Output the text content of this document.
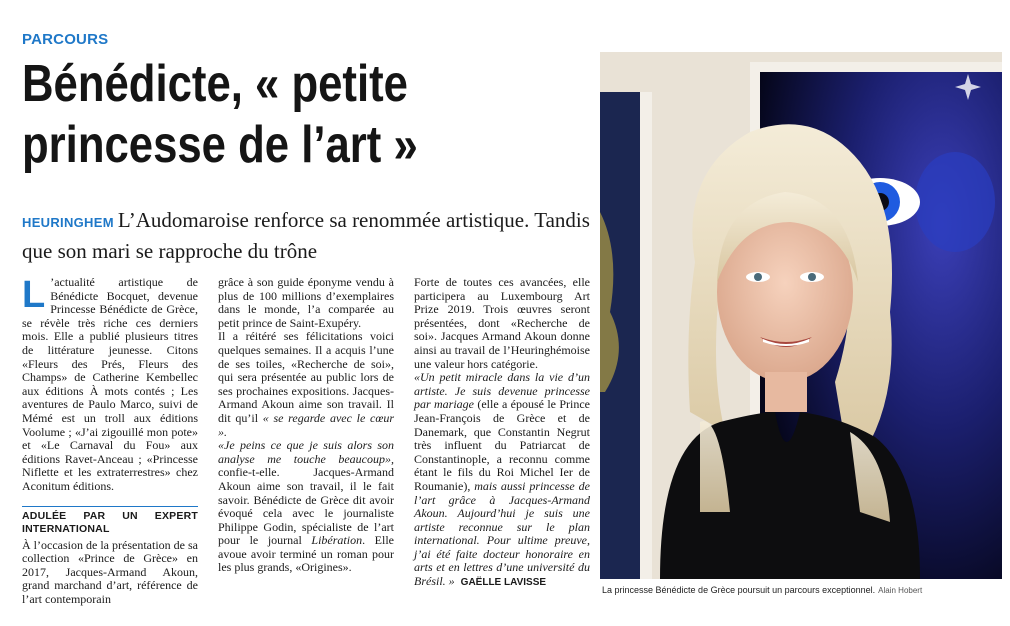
PARCOURS
Bénédicte, « petite
princesse de l’art »
HEURINGHEM L’Audomaroise renforce sa renommée artistique. Tandis que son mari se rapproche du trône

L ’actualité artistique de Bénédicte Bocquet, devenue Princesse Bénédicte de Grèce, se révèle très riche ces derniers mois. Elle a publié plusieurs titres de littérature jeunesse. Citons «Fleurs des Prés, Fleurs des Champs» de Catherine Kembellec aux éditions À mots contés ; Les aventures de Paulo Marco, suivi de Mémé est un troll aux éditions Voolume ; «J’ai zigouillé mon pote» et «Le Carnaval du Fou» aux éditions Ravet-Anceau ; «Princesse Niflette et les extraterrestres» chez Aconitum éditions.

ADULÉE PAR UN EXPERT INTERNATIONAL

À l’occasion de la présentation de sa collection «Prince de Grèce» en 2017, Jacques-Armand Akoun, grand marchand d’art, référence de l’art contemporain

grâce à son guide éponyme vendu à plus de 100 millions d’exemplaires dans le monde, l’a comparée au petit prince de Saint-Exupéry.

Il a réitéré ses félicitations voici quelques semaines. Il a acquis l’une de ses toiles, «Recherche de soi», qui sera présentée au public lors de ses prochaines expositions. Jacques-Armand Akoun aime son travail. Il dit qu’il « se regarde avec le cœur ».

«Je peins ce que je suis alors son analyse me touche beaucoup», confie-t-elle. Jacques-Armand Akoun aime son travail, il le fait savoir. Bénédicte de Grèce dit avoir évoqué cela avec le journaliste Philippe Godin, spécialiste de l’art pour le journal Libération. Elle avoue avoir terminé un roman pour les plus grands, «Origines».

Forte de toutes ces avancées, elle participera au Luxembourg Art Prize 2019. Trois œuvres seront présentées, dont «Recherche de soi». Jacques Armand Akoun donne ainsi au travail de l’Heuringhémoise une valeur hors catégorie.

«Un petit miracle dans la vie d’un artiste. Je suis devenue princesse par mariage (elle a épousé le Prince Jean-François de Grèce et de Danemark, que Constantin Negrut très influent du Patriarcat de Constantinople, a reconnu comme étant le fils du Roi Michel Ier de Roumanie), mais aussi princesse de l’art grâce à Jacques-Armand Akoun. Aujourd’hui je suis une artiste reconnue sur le plan international. Pour ultime preuve, j’ai été faite docteur honoraire en arts et en lettres d’une université du Brésil. » GAËLLE LAVISSE

La princesse Bénédicte de Grèce poursuit un parcours exceptionnel. Alain Hobert
